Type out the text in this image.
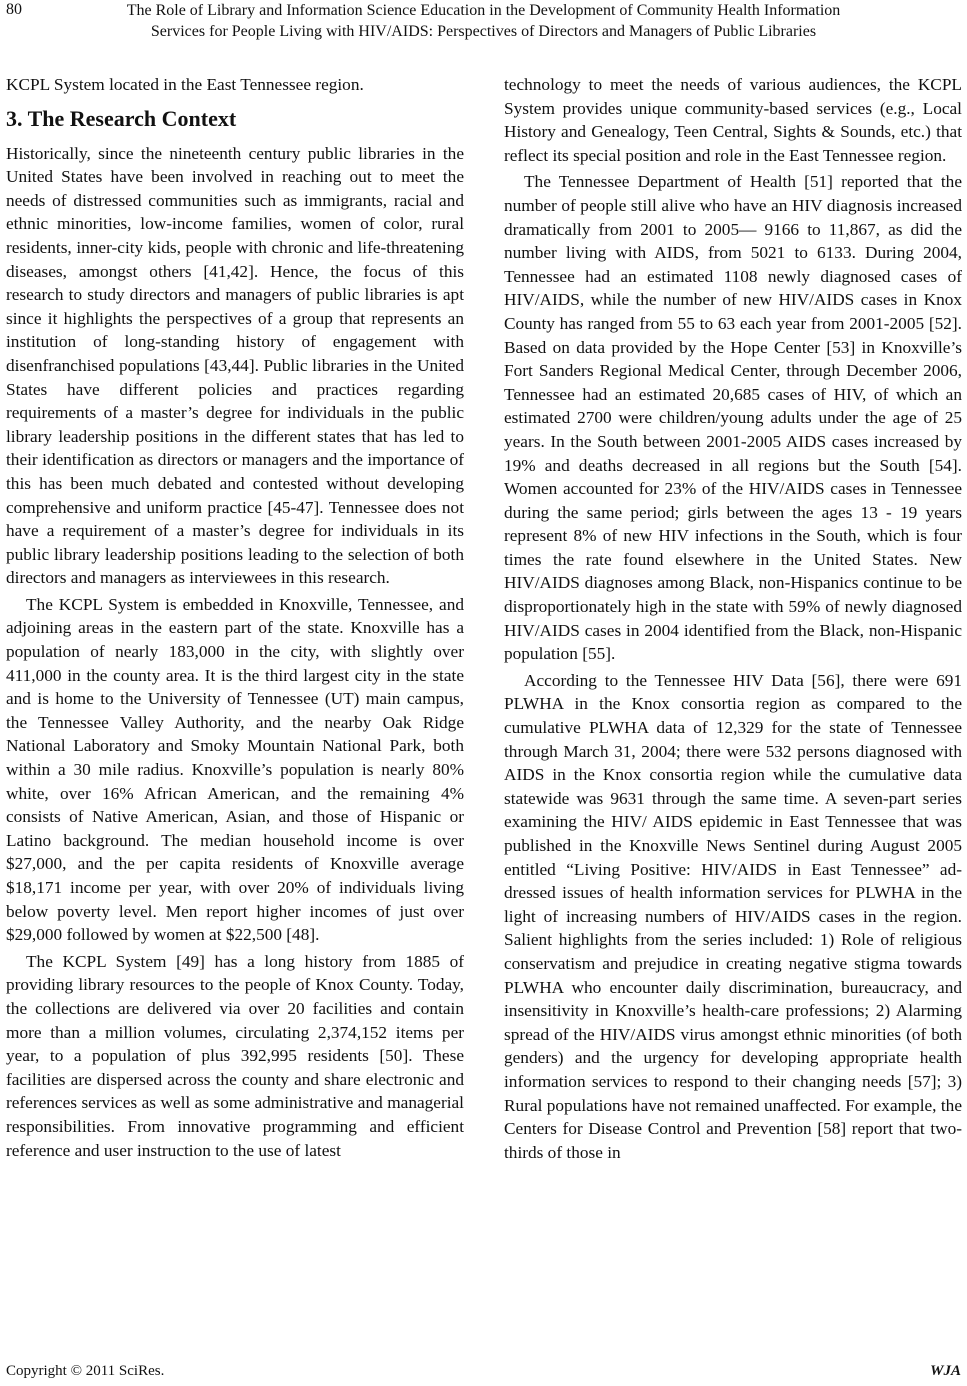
80	The Role of Library and Information Science Education in the Development of Community Health Information
Services for People Living with HIV/AIDS: Perspectives of Directors and Managers of Public Libraries

KCPL System located in the East Tennessee region.

3. The Research Context

Historically, since the nineteenth century public libraries in the United States have been involved in reaching out to meet the needs of distressed communities such as immigrants, racial and ethnic minorities, low-income families, women of color, rural residents, inner-city kids, people with chronic and life-threatening diseases, amongst others [41,42]. Hence, the focus of this research to study directors and managers of public libraries is apt since it highlights the perspectives of a group that represents an institution of long-standing history of engagement with disenfranchised populations [43,44]. Public libraries in the United States have different policies and practices regarding requirements of a master’s degree for individuals in the public library leadership positions in the different states that has led to their identification as directors or managers and the importance of this has been much debated and contested without developing comprehensive and uniform practice [45-47]. Tennessee does not have a requirement of a master’s degree for individuals in its public library leadership positions leading to the selection of both directors and managers as interviewees in this research.

The KCPL System is embedded in Knoxville, Tennessee, and adjoining areas in the eastern part of the state. Knoxville has a population of nearly 183,000 in the city, with slightly over 411,000 in the county area. It is the third largest city in the state and is home to the University of Tennessee (UT) main campus, the Tennessee Valley Authority, and the nearby Oak Ridge National Laboratory and Smoky Mountain National Park, both within a 30 mile radius. Knoxville’s population is nearly 80% white, over 16% African American, and the remaining 4% consists of Native American, Asian, and those of Hispanic or Latino background. The median household income is over $27,000, and the per capita residents of Knoxville average $18,171 income per year, with over 20% of individuals living below poverty level. Men report higher incomes of just over $29,000 followed by women at $22,500 [48].

The KCPL System [49] has a long history from 1885 of providing library resources to the people of Knox County. Today, the collections are delivered via over 20 facilities and contain more than a million volumes, circulating 2,374,152 items per year, to a population of plus 392,995 residents [50]. These facilities are dispersed across the county and share electronic and references services as well as some administrative and managerial responsibilities. From innovative programming and efficient reference and user instruction to the use of latest

technology to meet the needs of various audiences, the KCPL System provides unique community-based services (e.g., Local History and Genealogy, Teen Central, Sights & Sounds, etc.) that reflect its special position and role in the East Tennessee region.

The Tennessee Department of Health [51] reported that the number of people still alive who have an HIV diagnosis increased dramatically from 2001 to 2005— 9166 to 11,867, as did the number living with AIDS, from 5021 to 6133. During 2004, Tennessee had an estimated 1108 newly diagnosed cases of HIV/AIDS, while the number of new HIV/AIDS cases in Knox County has ranged from 55 to 63 each year from 2001-2005 [52]. Based on data provided by the Hope Center [53] in Knoxville’s Fort Sanders Regional Medical Center, through December 2006, Tennessee had an estimated 20,685 cases of HIV, of which an estimated 2700 were children/young adults under the age of 25 years. In the South between 2001-2005 AIDS cases increased by 19% and deaths decreased in all regions but the South [54]. Women accounted for 23% of the HIV/AIDS cases in Tennessee during the same period; girls between the ages 13 - 19 years represent 8% of new HIV infections in the South, which is four times the rate found elsewhere in the United States. New HIV/AIDS diagnoses among Black, non-Hispanics continue to be disproportionately high in the state with 59% of newly diagnosed HIV/AIDS cases in 2004 identified from the Black, non-Hispanic population [55].

According to the Tennessee HIV Data [56], there were 691 PLWHA in the Knox consortia region as compared to the cumulative PLWHA data of 12,329 for the state of Tennessee through March 31, 2004; there were 532 persons diagnosed with AIDS in the Knox consortia region while the cumulative data statewide was 9631 through the same time. A seven-part series examining the HIV/ AIDS epidemic in East Tennessee that was published in the Knoxville News Sentinel during August 2005 entitled “Living Positive: HIV/AIDS in East Tennessee” addressed issues of health information services for PLWHA in the light of increasing numbers of HIV/AIDS cases in the region. Salient highlights from the series included: 1) Role of religious conservatism and prejudice in creating negative stigma towards PLWHA who encounter daily discrimination, bureaucracy, and insensitivity in Knoxville’s health-care professions; 2) Alarming spread of the HIV/AIDS virus amongst ethnic minorities (of both genders) and the urgency for developing appropriate health information services to respond to their changing needs [57]; 3) Rural populations have not remained unaffected. For example, the Centers for Disease Control and Prevention [58] report that two-thirds of those in

Copyright © 2011 SciRes.	WJA
